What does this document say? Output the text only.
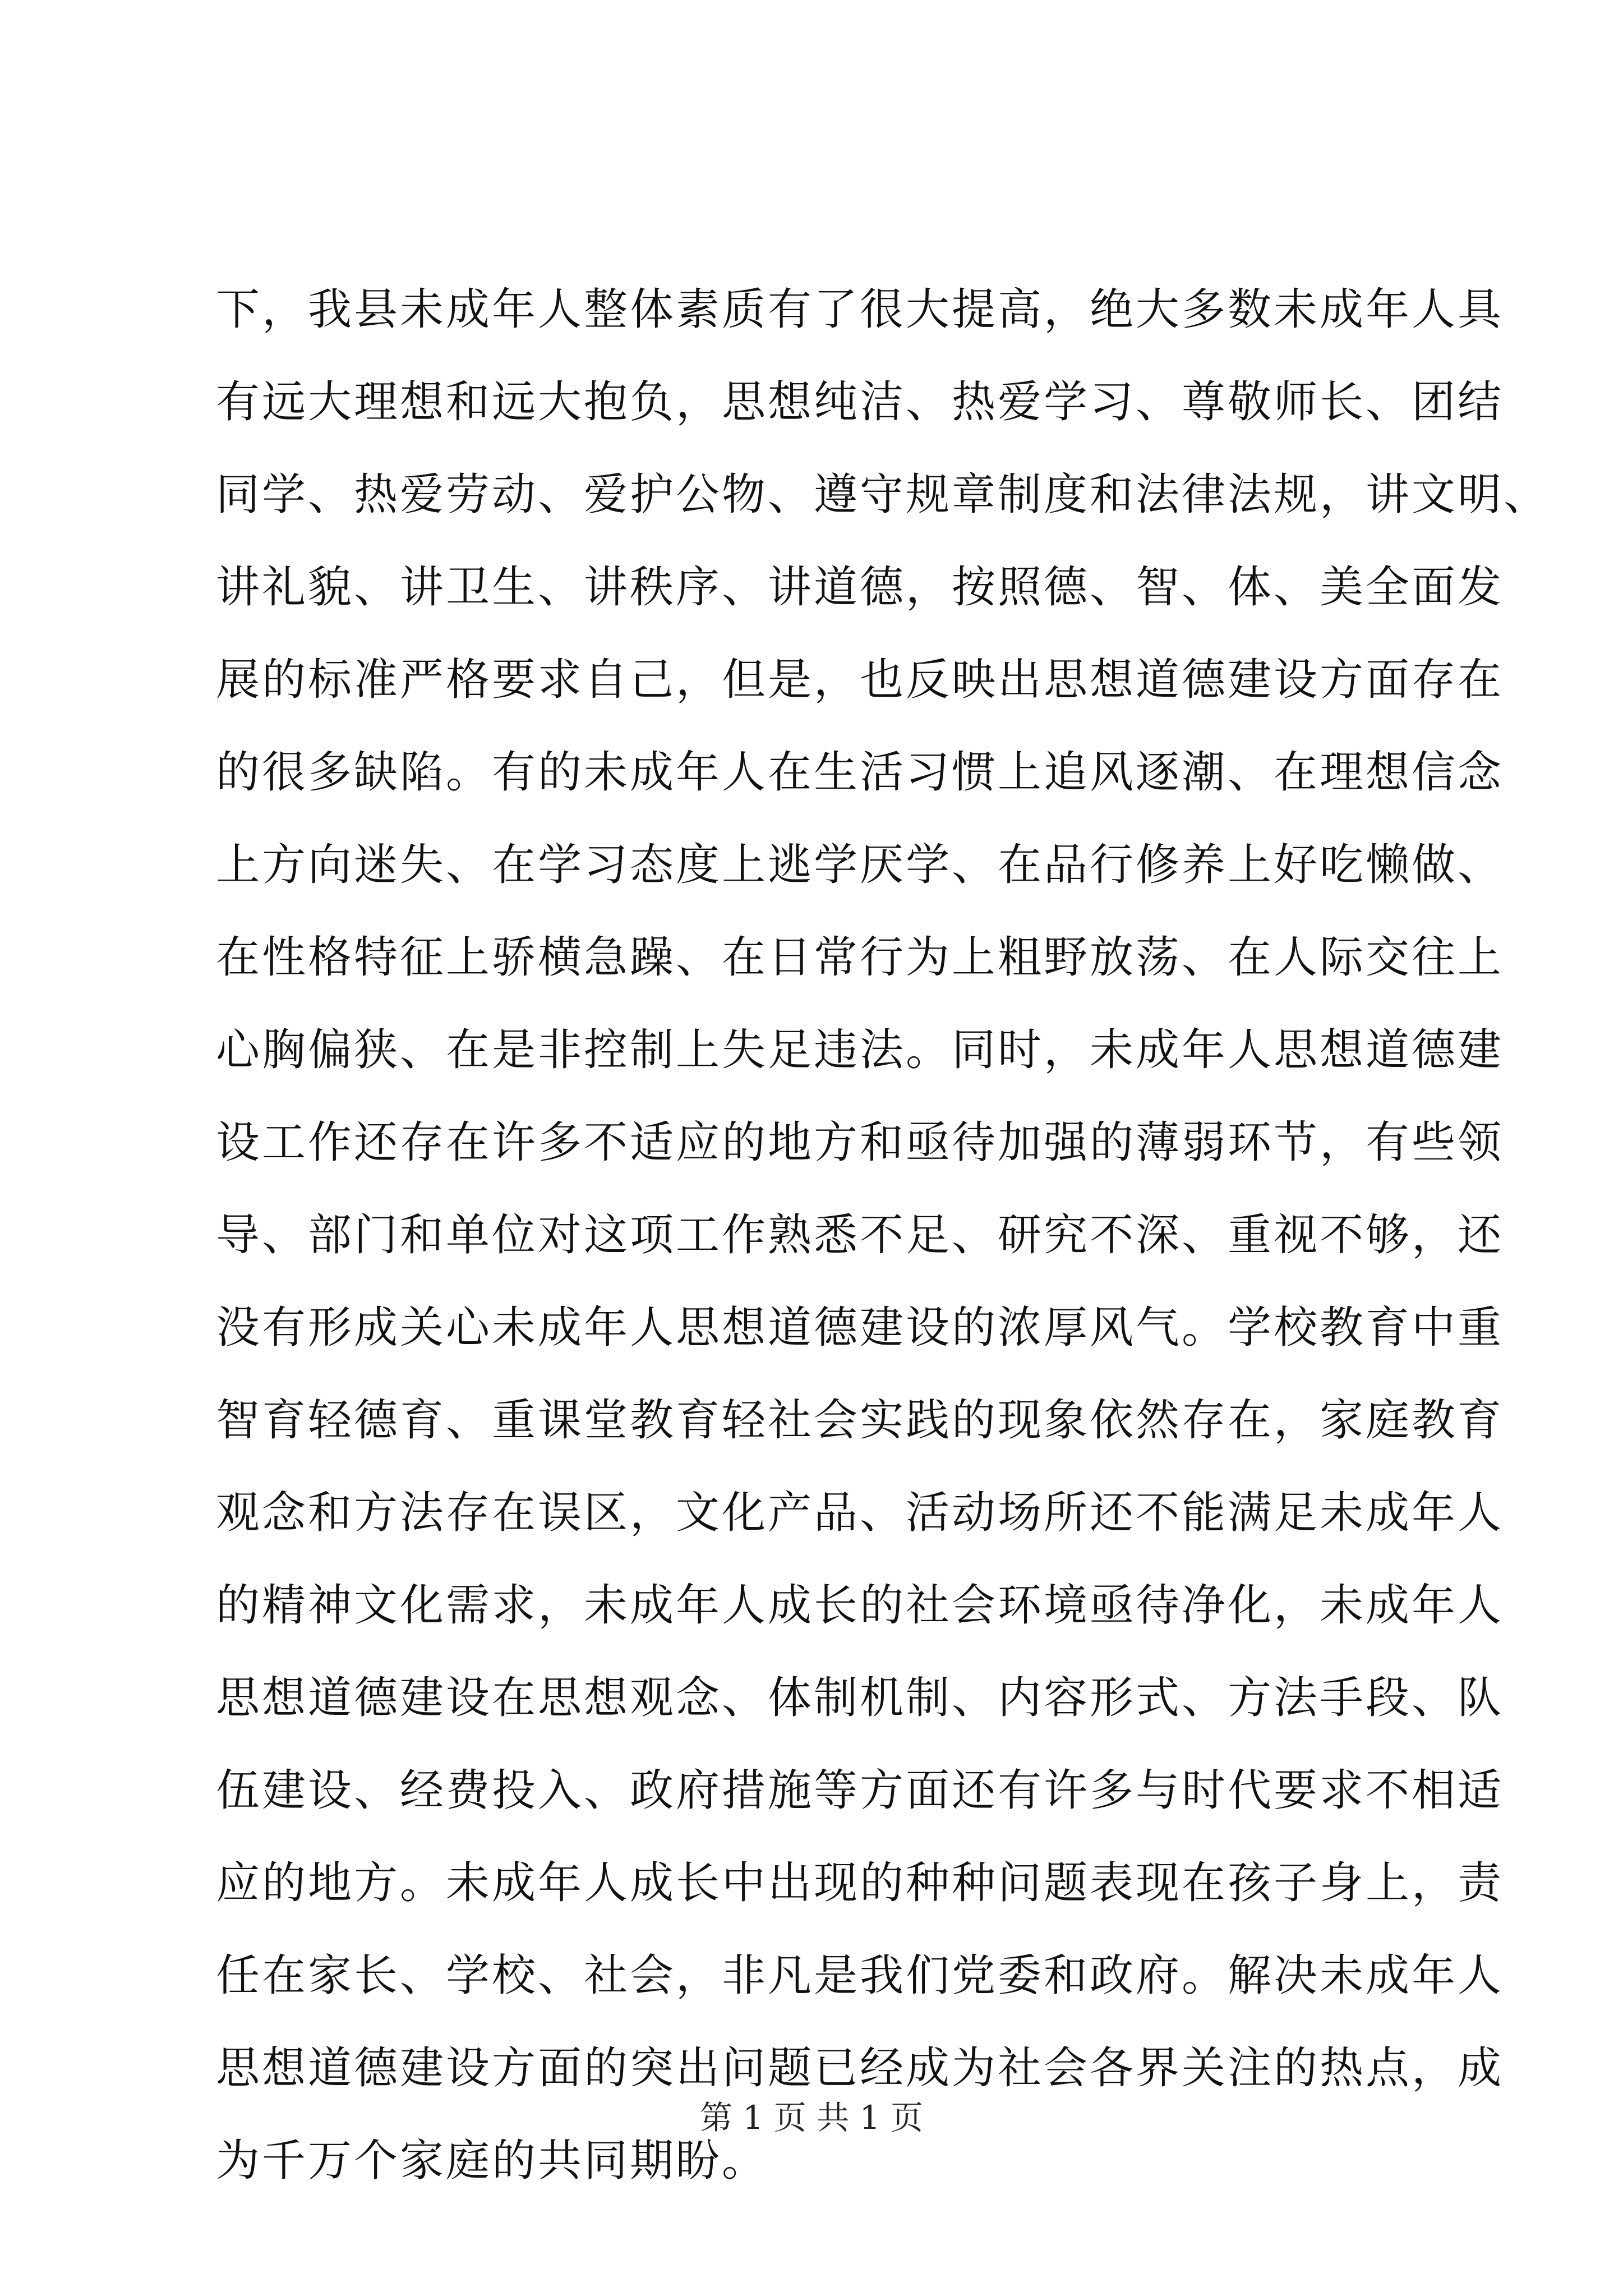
下，我县未成年人整体素质有了很大提高，绝大多数未成年人具
有远大理想和远大抱负，思想纯洁、热爱学习、尊敬师长、团结
同学、热爱劳动、爱护公物、遵守规章制度和法律法规，讲文明、
讲礼貌、讲卫生、讲秩序、讲道德，按照德、智、体、美全面发
展的标准严格要求自己，但是，也反映出思想道德建设方面存在
的很多缺陷。有的未成年人在生活习惯上追风逐潮、在理想信念
上方向迷失、在学习态度上逃学厌学、在品行修养上好吃懒做、
在性格特征上骄横急躁、在日常行为上粗野放荡、在人际交往上
心胸偏狭、在是非控制上失足违法。同时，未成年人思想道德建
设工作还存在许多不适应的地方和亟待加强的薄弱环节，有些领
导、部门和单位对这项工作熟悉不足、研究不深、重视不够，还
没有形成关心未成年人思想道德建设的浓厚风气。学校教育中重
智育轻德育、重课堂教育轻社会实践的现象依然存在，家庭教育
观念和方法存在误区，文化产品、活动场所还不能满足未成年人
的精神文化需求，未成年人成长的社会环境亟待净化，未成年人
思想道德建设在思想观念、体制机制、内容形式、方法手段、队
伍建设、经费投入、政府措施等方面还有许多与时代要求不相适
应的地方。未成年人成长中出现的种种问题表现在孩子身上，责
任在家长、学校、社会，非凡是我们党委和政府。解决未成年人
思想道德建设方面的突出问题已经成为社会各界关注的热点，成
为千万个家庭的共同期盼。
第 1 页 共 1 页
